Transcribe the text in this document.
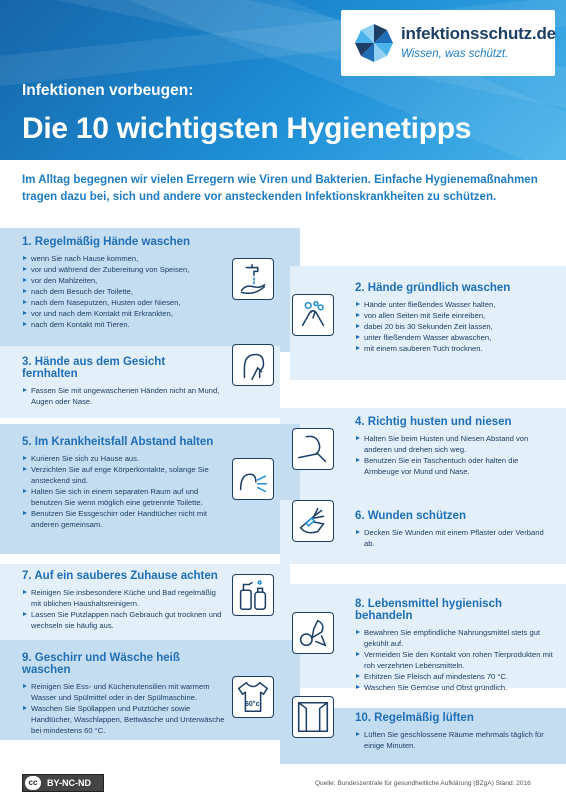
infektionsschutz.de
Wissen, was schützt.
Infektionen vorbeugen:
Die 10 wichtigsten Hygienetipps
Im Alltag begegnen wir vielen Erregern wie Viren und Bakterien. Einfache Hygienemaßnahmen tragen dazu bei, sich und andere vor ansteckenden Infektionskrankheiten zu schützen.
1. Regelmäßig Hände waschen
wenn Sie nach Hause kommen,
vor und während der Zubereitung von Speisen,
vor den Mahlzeiten,
nach dem Besuch der Toilette,
nach dem Naseputzen, Husten oder Niesen,
vor und nach dem Kontakt mit Erkrankten,
nach dem Kontakt mit Tieren.
2. Hände gründlich waschen
Hände unter fließendes Wasser halten,
von allen Seiten mit Seife einreiben,
dabei 20 bis 30 Sekunden Zeit lassen,
unter fließendem Wasser abwaschen,
mit einem sauberen Tuch trocknen.
3. Hände aus dem Gesicht fernhalten
Fassen Sie mit ungewaschenen Händen nicht an Mund, Augen oder Nase.
4. Richtig husten und niesen
Halten Sie beim Husten und Niesen Abstand von anderen und drehen sich weg.
Benutzen Sie ein Taschentuch oder halten die Armbeuge vor Mund und Nase.
5. Im Krankheitsfall Abstand halten
Kurieren Sie sich zu Hause aus.
Verzichten Sie auf enge Körperkontakte, solange Sie ansteckend sind.
Halten Sie sich in einem separaten Raum auf und benutzen Sie wenn möglich eine getrennte Toilette.
Benutzen Sie Essgeschirr oder Handtücher nicht mit anderen gemeinsam.
6. Wunden schützen
Decken Sie Wunden mit einem Pflaster oder Verband ab.
7. Auf ein sauberes Zuhause achten
Reinigen Sie insbesondere Küche und Bad regelmäßig mit üblichen Haushaltsreinigern.
Lassen Sie Putzlappen nach Gebrauch gut trocknen und wechseln sie häufig aus.
8. Lebensmittel hygienisch behandeln
Bewahren Sie empfindliche Nahrungsmittel stets gut gekühlt auf.
Vermeiden Sie den Kontakt von rohen Tierprodukten mit roh verzehrten Lebensmitteln.
Erhitzen Sie Fleisch auf mindestens 70 °C.
Waschen Sie Gemüse und Obst gründlich.
9. Geschirr und Wäsche heiß waschen
Reinigen Sie Ess- und Küchenutensilien mit warmem Wasser und Spülmittel oder in der Spülmaschine.
Waschen Sie Spüllappen und Putztücher sowie Handtücher, Waschlappen, Bettwäsche und Unterwäsche bei mindestens 60 °C.
10. Regelmäßig lüften
Lüften Sie geschlossene Räume mehrmals täglich für einige Minuten.
60°c
cc	BY-NC-ND	Quelle: Bundeszentrale für gesundheitliche Aufklärung (BZgA) Stand: 2016
